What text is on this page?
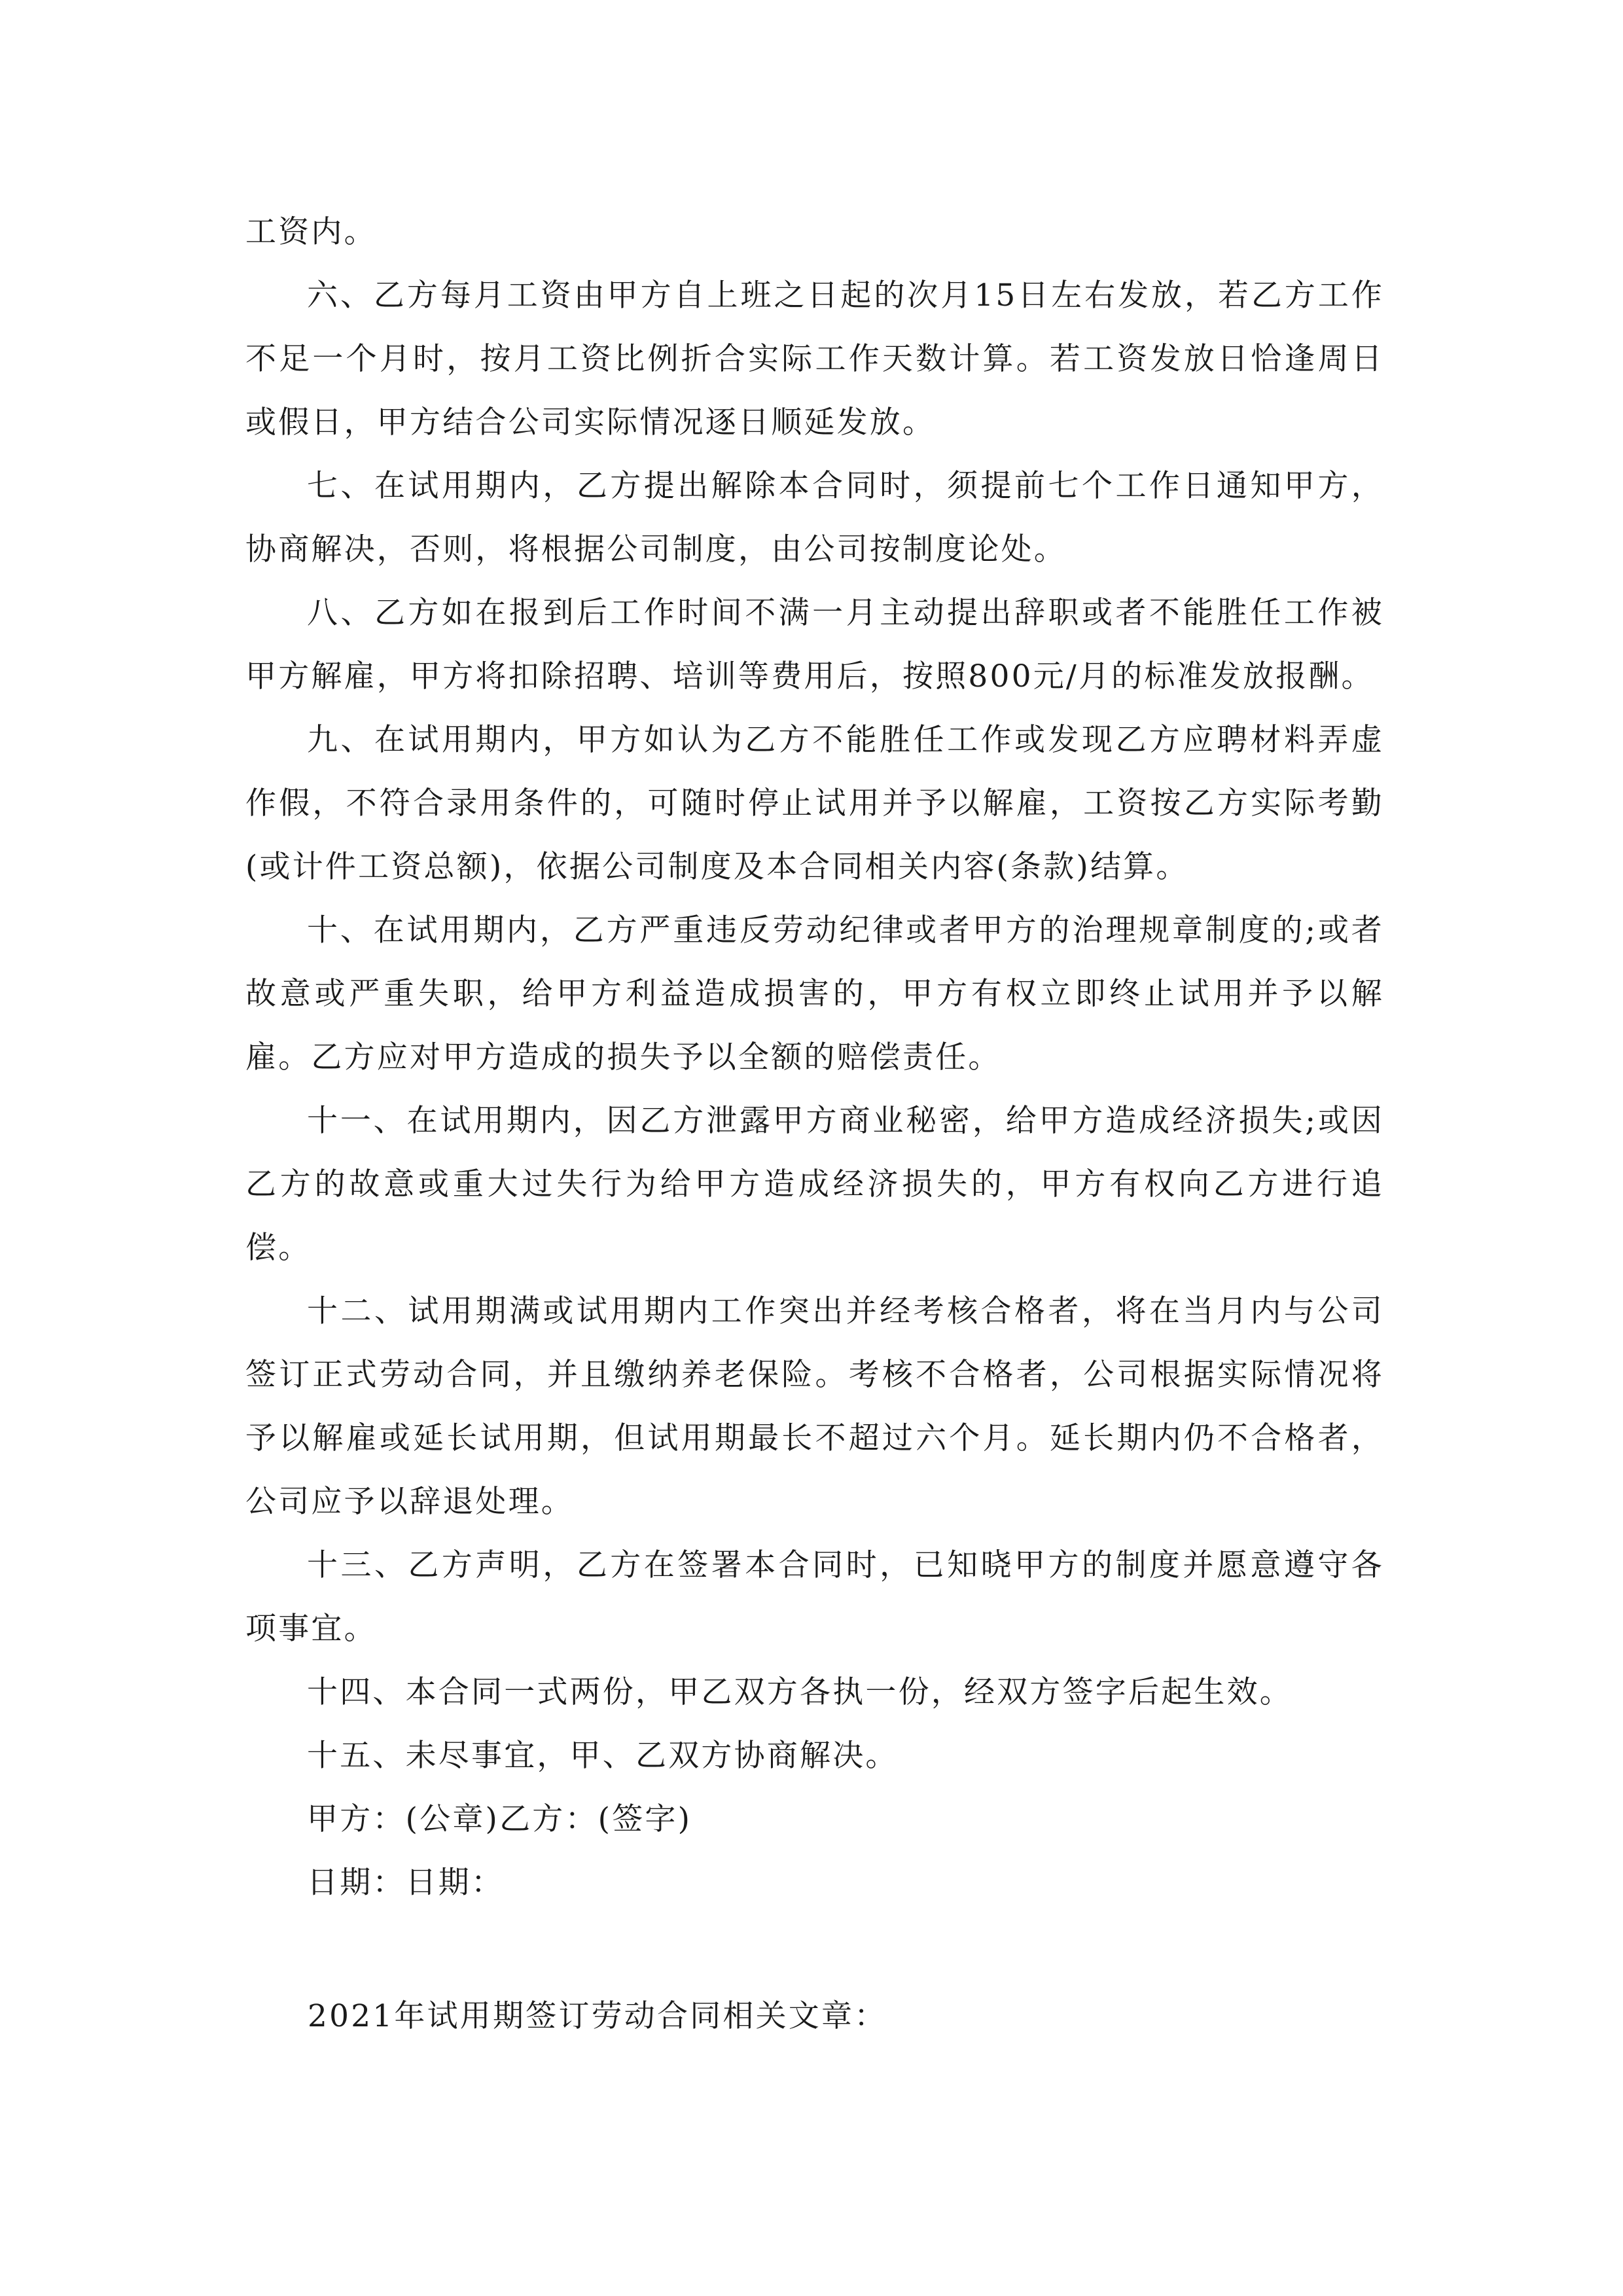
工资内。

六、乙方每月工资由甲方自上班之日起的次月15日左右发放，若乙方工作不足一个月时，按月工资比例折合实际工作天数计算。若工资发放日恰逢周日或假日，甲方结合公司实际情况逐日顺延发放。

七、在试用期内，乙方提出解除本合同时，须提前七个工作日通知甲方，协商解决，否则，将根据公司制度，由公司按制度论处。

八、乙方如在报到后工作时间不满一月主动提出辞职或者不能胜任工作被甲方解雇，甲方将扣除招聘、培训等费用后，按照800元/月的标准发放报酬。

九、在试用期内，甲方如认为乙方不能胜任工作或发现乙方应聘材料弄虚作假，不符合录用条件的，可随时停止试用并予以解雇，工资按乙方实际考勤(或计件工资总额)，依据公司制度及本合同相关内容(条款)结算。

十、在试用期内，乙方严重违反劳动纪律或者甲方的治理规章制度的;或者故意或严重失职，给甲方利益造成损害的，甲方有权立即终止试用并予以解雇。乙方应对甲方造成的损失予以全额的赔偿责任。

十一、在试用期内，因乙方泄露甲方商业秘密，给甲方造成经济损失;或因乙方的故意或重大过失行为给甲方造成经济损失的，甲方有权向乙方进行追偿。

十二、试用期满或试用期内工作突出并经考核合格者，将在当月内与公司签订正式劳动合同，并且缴纳养老保险。考核不合格者，公司根据实际情况将予以解雇或延长试用期，但试用期最长不超过六个月。延长期内仍不合格者，公司应予以辞退处理。

十三、乙方声明，乙方在签署本合同时，已知晓甲方的制度并愿意遵守各项事宜。

十四、本合同一式两份，甲乙双方各执一份，经双方签字后起生效。

十五、未尽事宜，甲、乙双方协商解决。

甲方：(公章)乙方：(签字)

日期：日期：

2021年试用期签订劳动合同相关文章：
